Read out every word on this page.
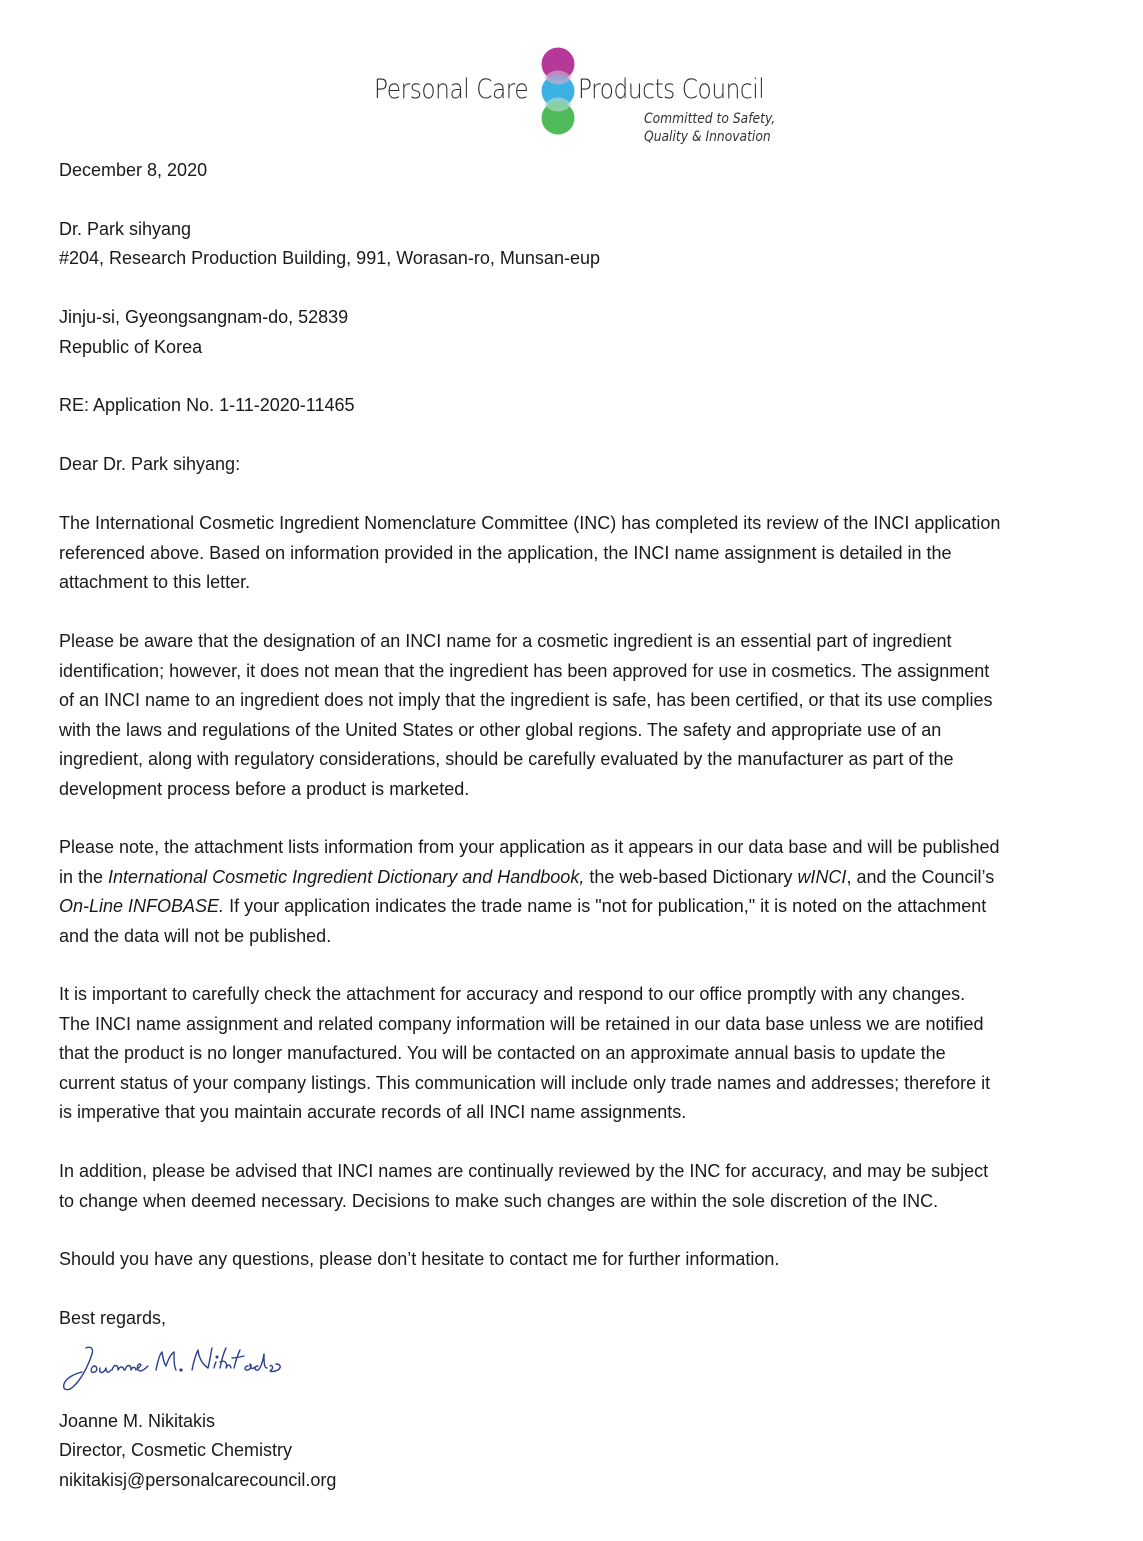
Personal Care Products Council
Committed to Safety,
Quality & Innovation
December 8, 2020
Dr. Park sihyang
#204, Research Production Building, 991, Worasan-ro, Munsan-eup
Jinju-si, Gyeongsangnam-do, 52839
Republic of Korea
RE: Application No. 1-11-2020-11465
Dear Dr. Park sihyang:
The International Cosmetic Ingredient Nomenclature Committee (INC) has completed its review of the INCI application
referenced above. Based on information provided in the application, the INCI name assignment is detailed in the
attachment to this letter.
Please be aware that the designation of an INCI name for a cosmetic ingredient is an essential part of ingredient
identification; however, it does not mean that the ingredient has been approved for use in cosmetics. The assignment
of an INCI name to an ingredient does not imply that the ingredient is safe, has been certified, or that its use complies
with the laws and regulations of the United States or other global regions. The safety and appropriate use of an
ingredient, along with regulatory considerations, should be carefully evaluated by the manufacturer as part of the
development process before a product is marketed.
Please note, the attachment lists information from your application as it appears in our data base and will be published
in the International Cosmetic Ingredient Dictionary and Handbook, the web-based Dictionary wINCI, and the Council’s
On-Line INFOBASE. If your application indicates the trade name is "not for publication," it is noted on the attachment
and the data will not be published.
It is important to carefully check the attachment for accuracy and respond to our office promptly with any changes.
The INCI name assignment and related company information will be retained in our data base unless we are notified
that the product is no longer manufactured. You will be contacted on an approximate annual basis to update the
current status of your company listings. This communication will include only trade names and addresses; therefore it
is imperative that you maintain accurate records of all INCI name assignments.
In addition, please be advised that INCI names are continually reviewed by the INC for accuracy, and may be subject
to change when deemed necessary. Decisions to make such changes are within the sole discretion of the INC.
Should you have any questions, please don’t hesitate to contact me for further information.
Best regards,
Joanne M. Nikitakis
Director, Cosmetic Chemistry
nikitakisj@personalcarecouncil.org
